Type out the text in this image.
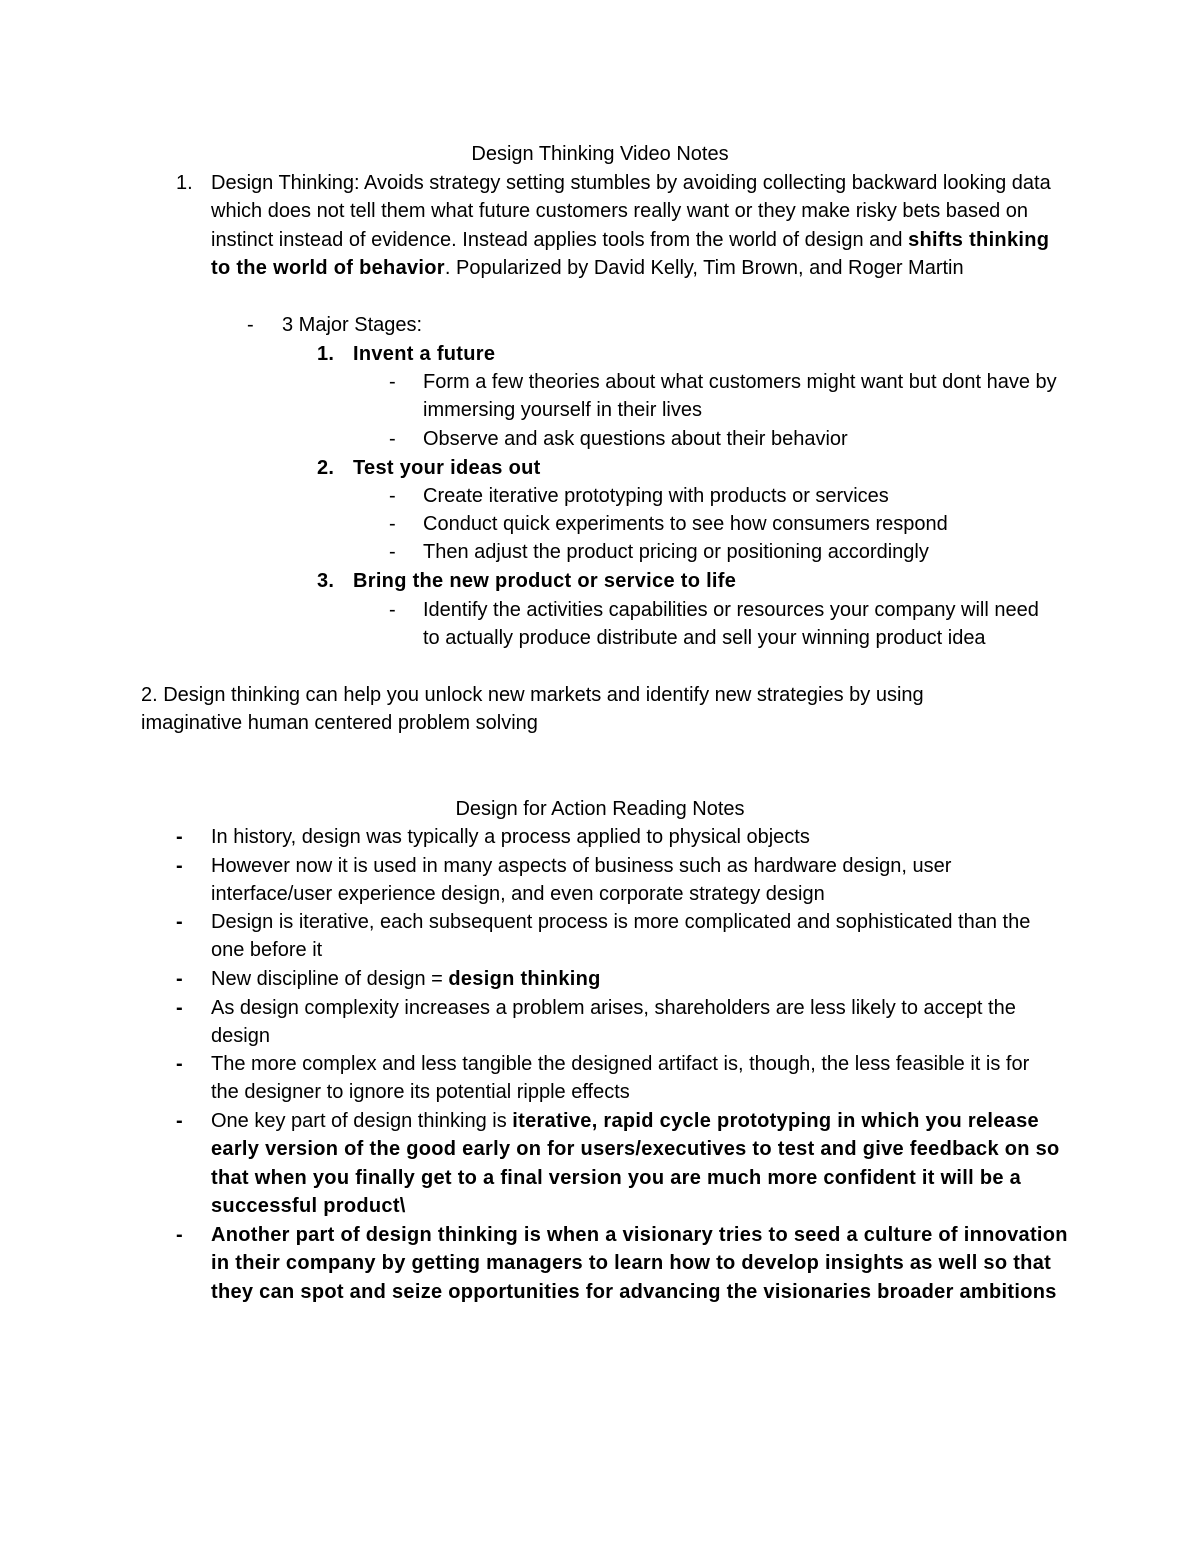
Design Thinking Video Notes
1. Design Thinking: Avoids strategy setting stumbles by avoiding collecting backward looking data which does not tell them what future customers really want or they make risky bets based on instinct instead of evidence. Instead applies tools from the world of design and shifts thinking to the world of behavior. Popularized by David Kelly, Tim Brown, and Roger Martin
- 3 Major Stages:
1. Invent a future
- Form a few theories about what customers might want but dont have by immersing yourself in their lives
- Observe and ask questions about their behavior
2. Test your ideas out
- Create iterative prototyping with products or services
- Conduct quick experiments to see how consumers respond
- Then adjust the product pricing or positioning accordingly
3. Bring the new product or service to life
- Identify the activities capabilities or resources your company will need to actually produce distribute and sell your winning product idea
2. Design thinking can help you unlock new markets and identify new strategies by using imaginative human centered problem solving
Design for Action Reading Notes
- In history, design was typically a process applied to physical objects
- However now it is used in many aspects of business such as hardware design, user interface/user experience design, and even corporate strategy design
- Design is iterative, each subsequent process is more complicated and sophisticated than the one before it
- New discipline of design = design thinking
- As design complexity increases a problem arises, shareholders are less likely to accept the design
- The more complex and less tangible the designed artifact is, though, the less feasible it is for the designer to ignore its potential ripple effects
- One key part of design thinking is iterative, rapid cycle prototyping in which you release early version of the good early on for users/executives to test and give feedback on so that when you finally get to a final version you are much more confident it will be a successful product\
- Another part of design thinking is when a visionary tries to seed a culture of innovation in their company by getting managers to learn how to develop insights as well so that they can spot and seize opportunities for advancing the visionaries broader ambitions
